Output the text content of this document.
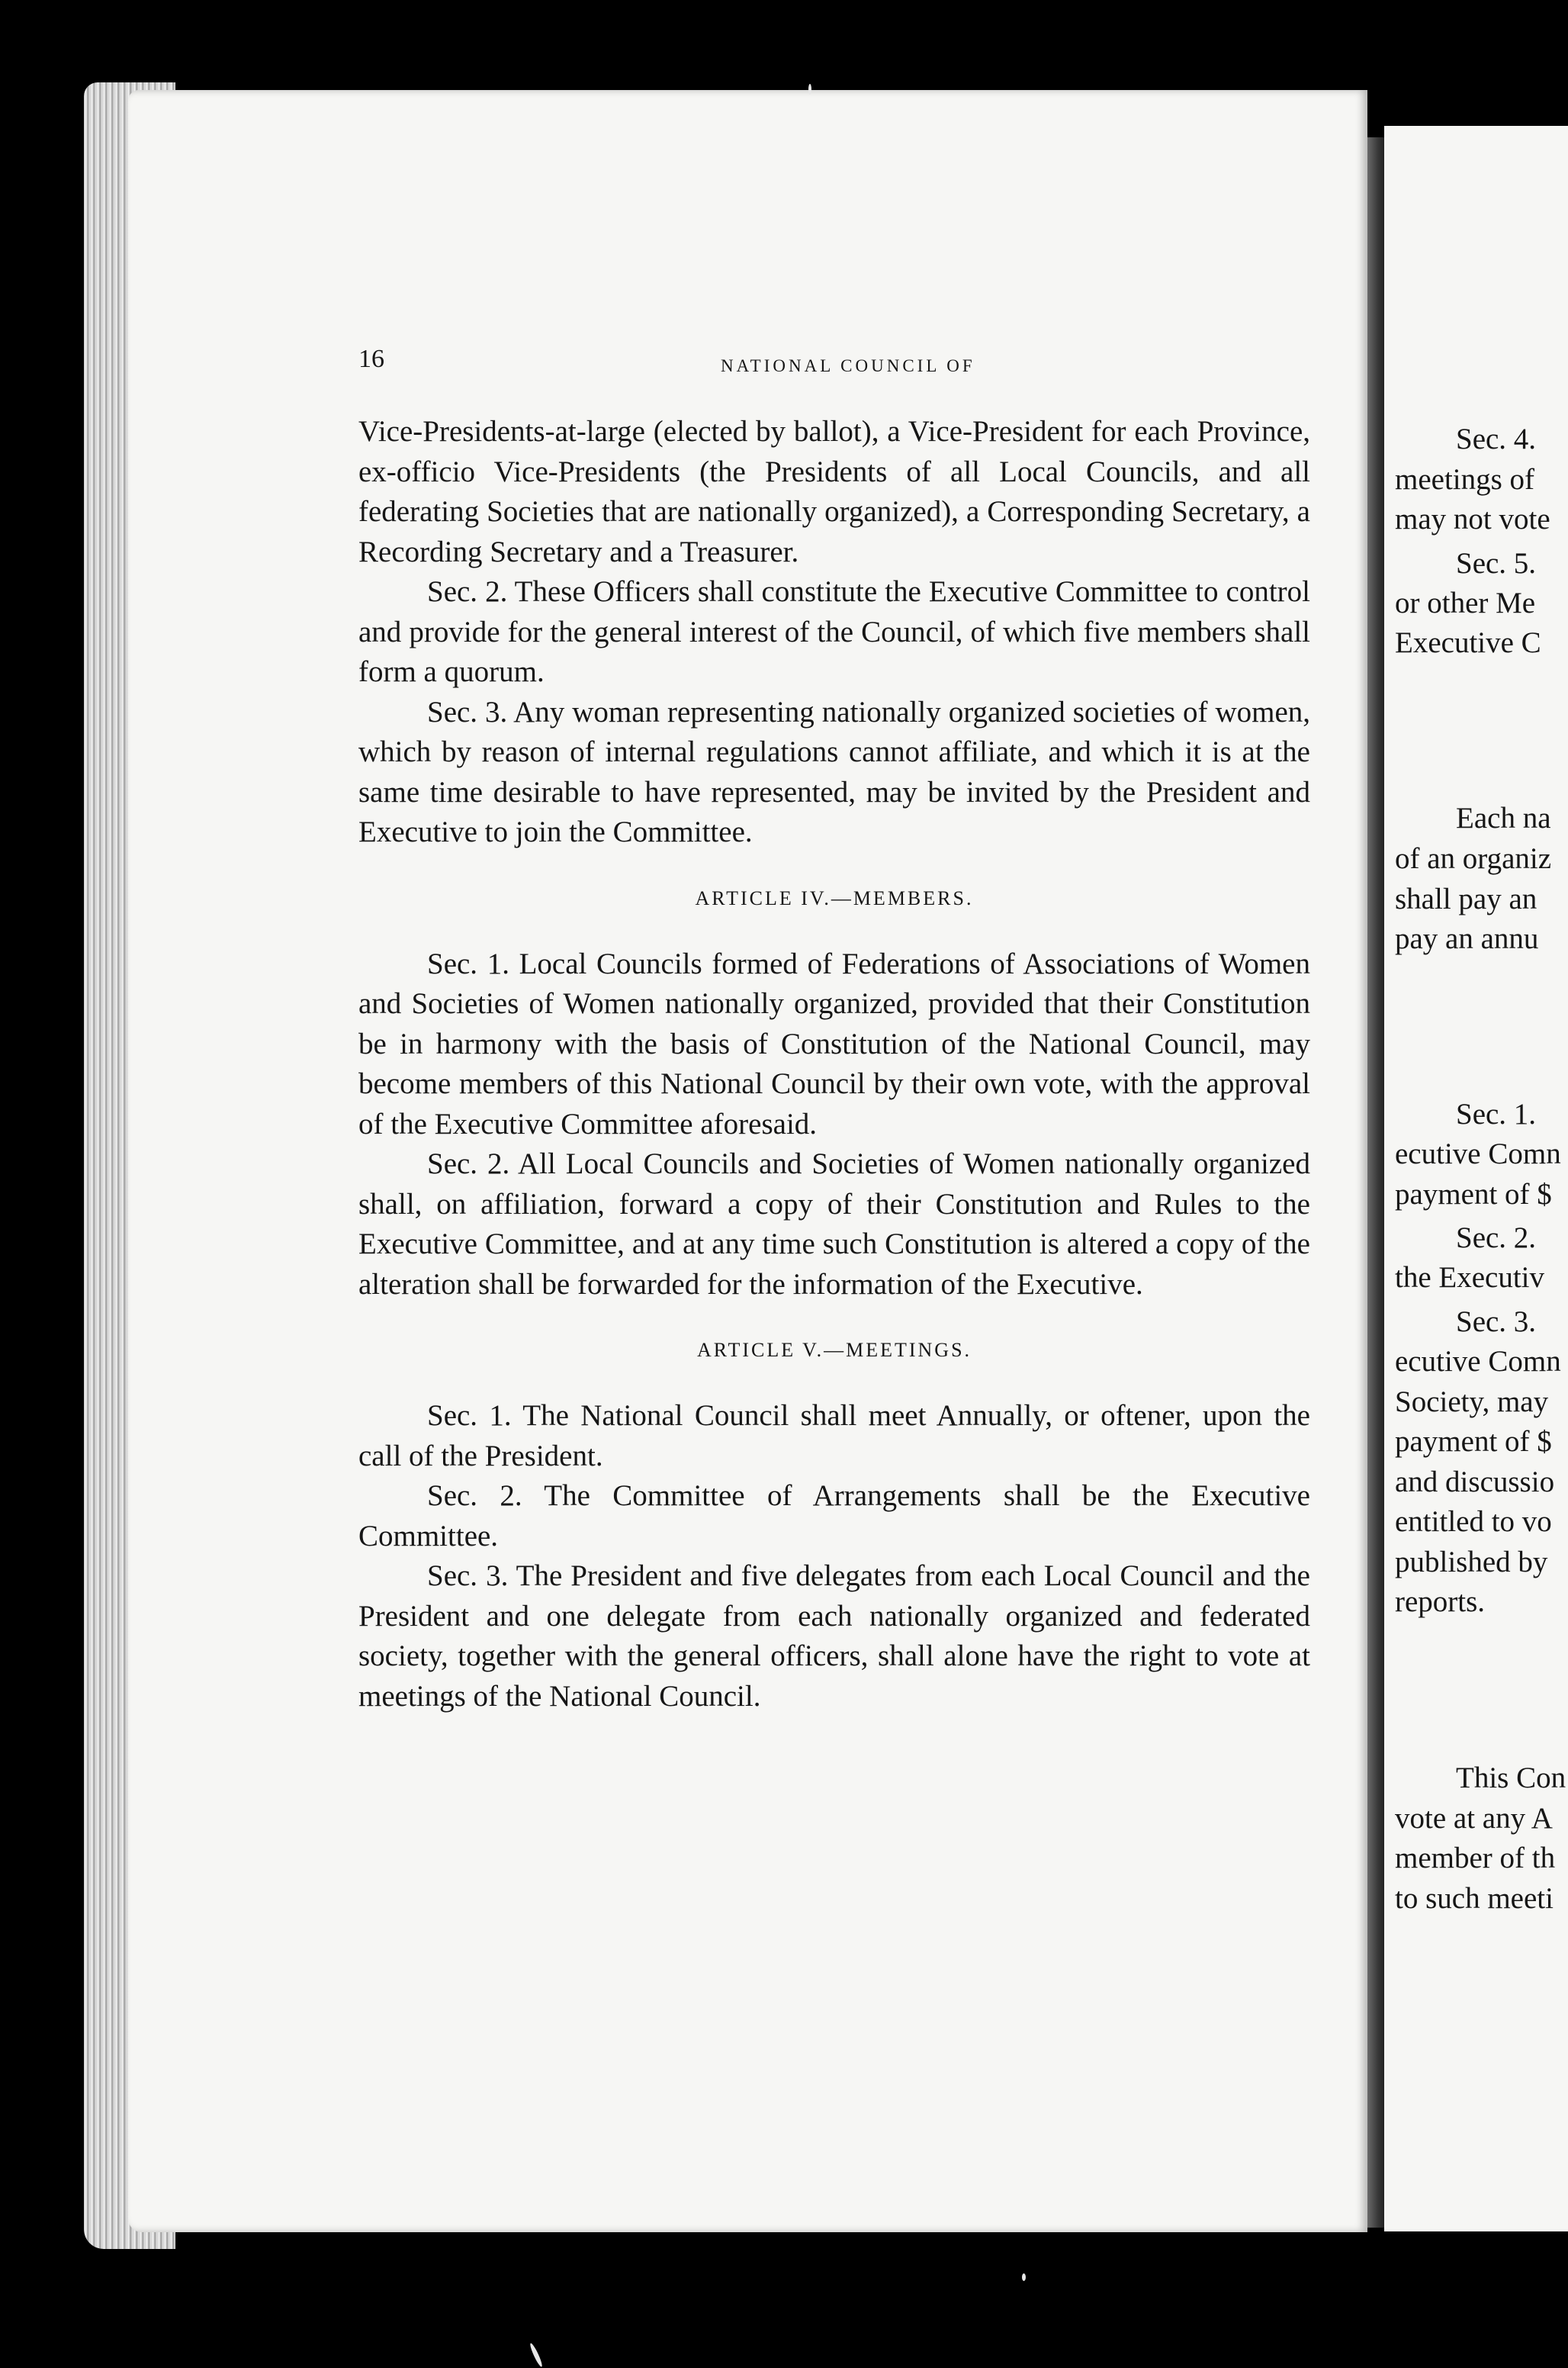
16	NATIONAL COUNCIL OF

Vice-Presidents-at-large (elected by ballot), a Vice-President for each Province, ex-officio Vice-Presidents (the Presidents of all Local Councils, and all federating Societies that are nationally organized), a Corresponding Secretary, a Recording Secretary and a Treasurer.

Sec. 2. These Officers shall constitute the Executive Committee to control and provide for the general interest of the Council, of which five members shall form a quorum.

Sec. 3. Any woman representing nationally organized societies of women, which by reason of internal regulations cannot affiliate, and which it is at the same time desirable to have represented, may be invited by the President and Executive to join the Committee.

ARTICLE IV.—MEMBERS.

Sec. 1. Local Councils formed of Federations of Associations of Women and Societies of Women nationally organized, provided that their Constitution be in harmony with the basis of Constitution of the National Council, may become members of this National Council by their own vote, with the approval of the Executive Committee aforesaid.

Sec. 2. All Local Councils and Societies of Women nationally organized shall, on affiliation, forward a copy of their Constitution and Rules to the Executive Committee, and at any time such Constitution is altered a copy of the alteration shall be forwarded for the information of the Executive.

ARTICLE V.—MEETINGS.

Sec. 1. The National Council shall meet Annually, or oftener, upon the call of the President.

Sec. 2. The Committee of Arrangements shall be the Executive Committee.

Sec. 3. The President and five delegates from each Local Council and the President and one delegate from each nationally organized and federated society, together with the general officers, shall alone have the right to vote at meetings of the National Council.

Sec. 4.
meetings of
may not vote
Sec. 5.
or other Me
Executive C
Each na
of an organiz
shall pay an
pay an annu
Sec. 1.
ecutive Comn
payment of $
Sec. 2.
the Executiv
Sec. 3.
ecutive Comn
Society, may
payment of $
and discussio
entitled to vo
published by
reports.
This Con
vote at any A
member of th
to such meeti
